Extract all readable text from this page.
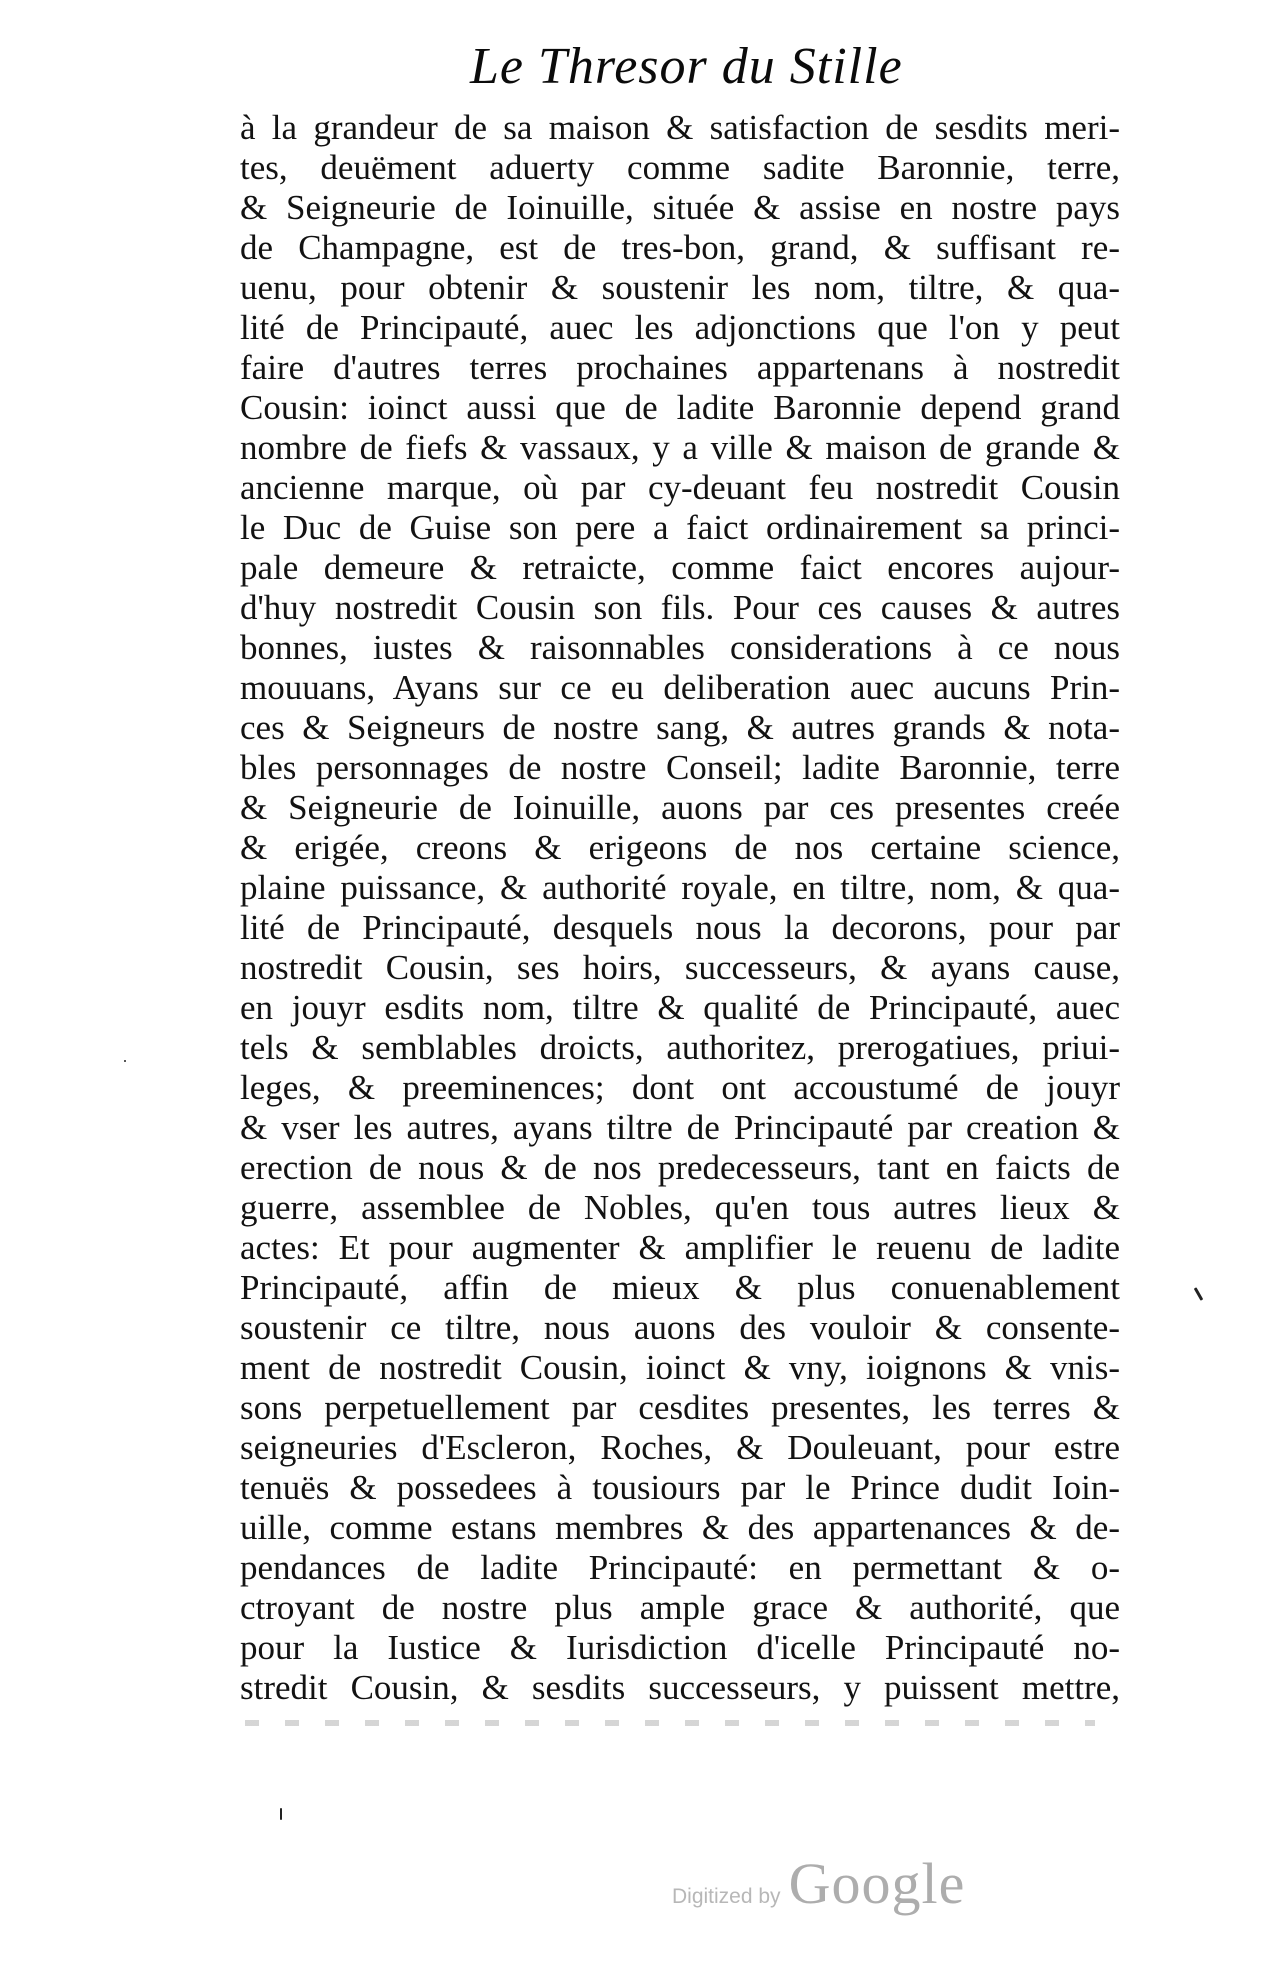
Le Thresor du Stille
à la grandeur de sa maison & satisfaction de sesdits meri-
tes, deuëment aduerty comme sadite Baronnie, terre,
& Seigneurie de Ioinuille, située & assise en nostre pays
de Champagne, est de tres-bon, grand, & suffisant re-
uenu, pour obtenir & soustenir les nom, tiltre, & qua-
lité de Principauté, auec les adjonctions que l'on y peut
faire d'autres terres prochaines appartenans à nostredit
Cousin: ioinct aussi que de ladite Baronnie depend grand
nombre de fiefs & vassaux, y a ville & maison de grande &
ancienne marque, où par cy-deuant feu nostredit Cousin
le Duc de Guise son pere a faict ordinairement sa princi-
pale demeure & retraicte, comme faict encores aujour-
d'huy nostredit Cousin son fils. Pour ces causes & autres
bonnes, iustes & raisonnables considerations à ce nous
mouuans, Ayans sur ce eu deliberation auec aucuns Prin-
ces & Seigneurs de nostre sang, & autres grands & nota-
bles personnages de nostre Conseil; ladite Baronnie, terre
& Seigneurie de Ioinuille, auons par ces presentes creée
& erigée, creons & erigeons de nos certaine science,
plaine puissance, & authorité royale, en tiltre, nom, & qua-
lité de Principauté, desquels nous la decorons, pour par
nostredit Cousin, ses hoirs, successeurs, & ayans cause,
en jouyr esdits nom, tiltre & qualité de Principauté, auec
tels & semblables droicts, authoritez, prerogatiues, priui-
leges, & preeminences; dont ont accoustumé de jouyr
& vser les autres, ayans tiltre de Principauté par creation &
erection de nous & de nos predecesseurs, tant en faicts de
guerre, assemblee de Nobles, qu'en tous autres lieux &
actes: Et pour augmenter & amplifier le reuenu de ladite
Principauté, affin de mieux & plus conuenablement
soustenir ce tiltre, nous auons des vouloir & consente-
ment de nostredit Cousin, ioinct & vny, ioignons & vnis-
sons perpetuellement par cesdites presentes, les terres &
seigneuries d'Escleron, Roches, & Douleuant, pour estre
tenuës & possedees à tousiours par le Prince dudit Ioin-
uille, comme estans membres & des appartenances & de-
pendances de ladite Principauté: en permettant & o-
ctroyant de nostre plus ample grace & authorité, que
pour la Iustice & Iurisdiction d'icelle Principauté no-
stredit Cousin, & sesdits successeurs, y puissent mettre,
Digitized by Google
